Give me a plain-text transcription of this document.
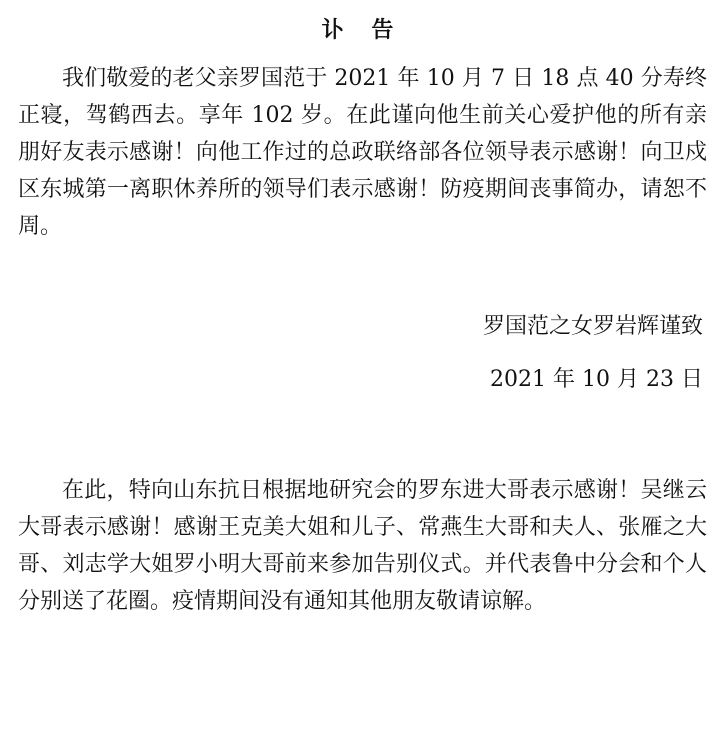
讣 告

我们敬爱的老父亲罗国范于 2021 年 10 月 7 日 18 点 40 分寿终正寝，驾鹤西去。享年 102 岁。在此谨向他生前关心爱护他的所有亲朋好友表示感谢！向他工作过的总政联络部各位领导表示感谢！向卫戍区东城第一离职休养所的领导们表示感谢！防疫期间丧事简办，请恕不周。

罗国范之女罗岩辉谨致

2021 年 10 月 23 日

在此，特向山东抗日根据地研究会的罗东进大哥表示感谢！吴继云大哥表示感谢！感谢王克美大姐和儿子、常燕生大哥和夫人、张雁之大哥、刘志学大姐罗小明大哥前来参加告别仪式。并代表鲁中分会和个人分别送了花圈。疫情期间没有通知其他朋友敬请谅解。
